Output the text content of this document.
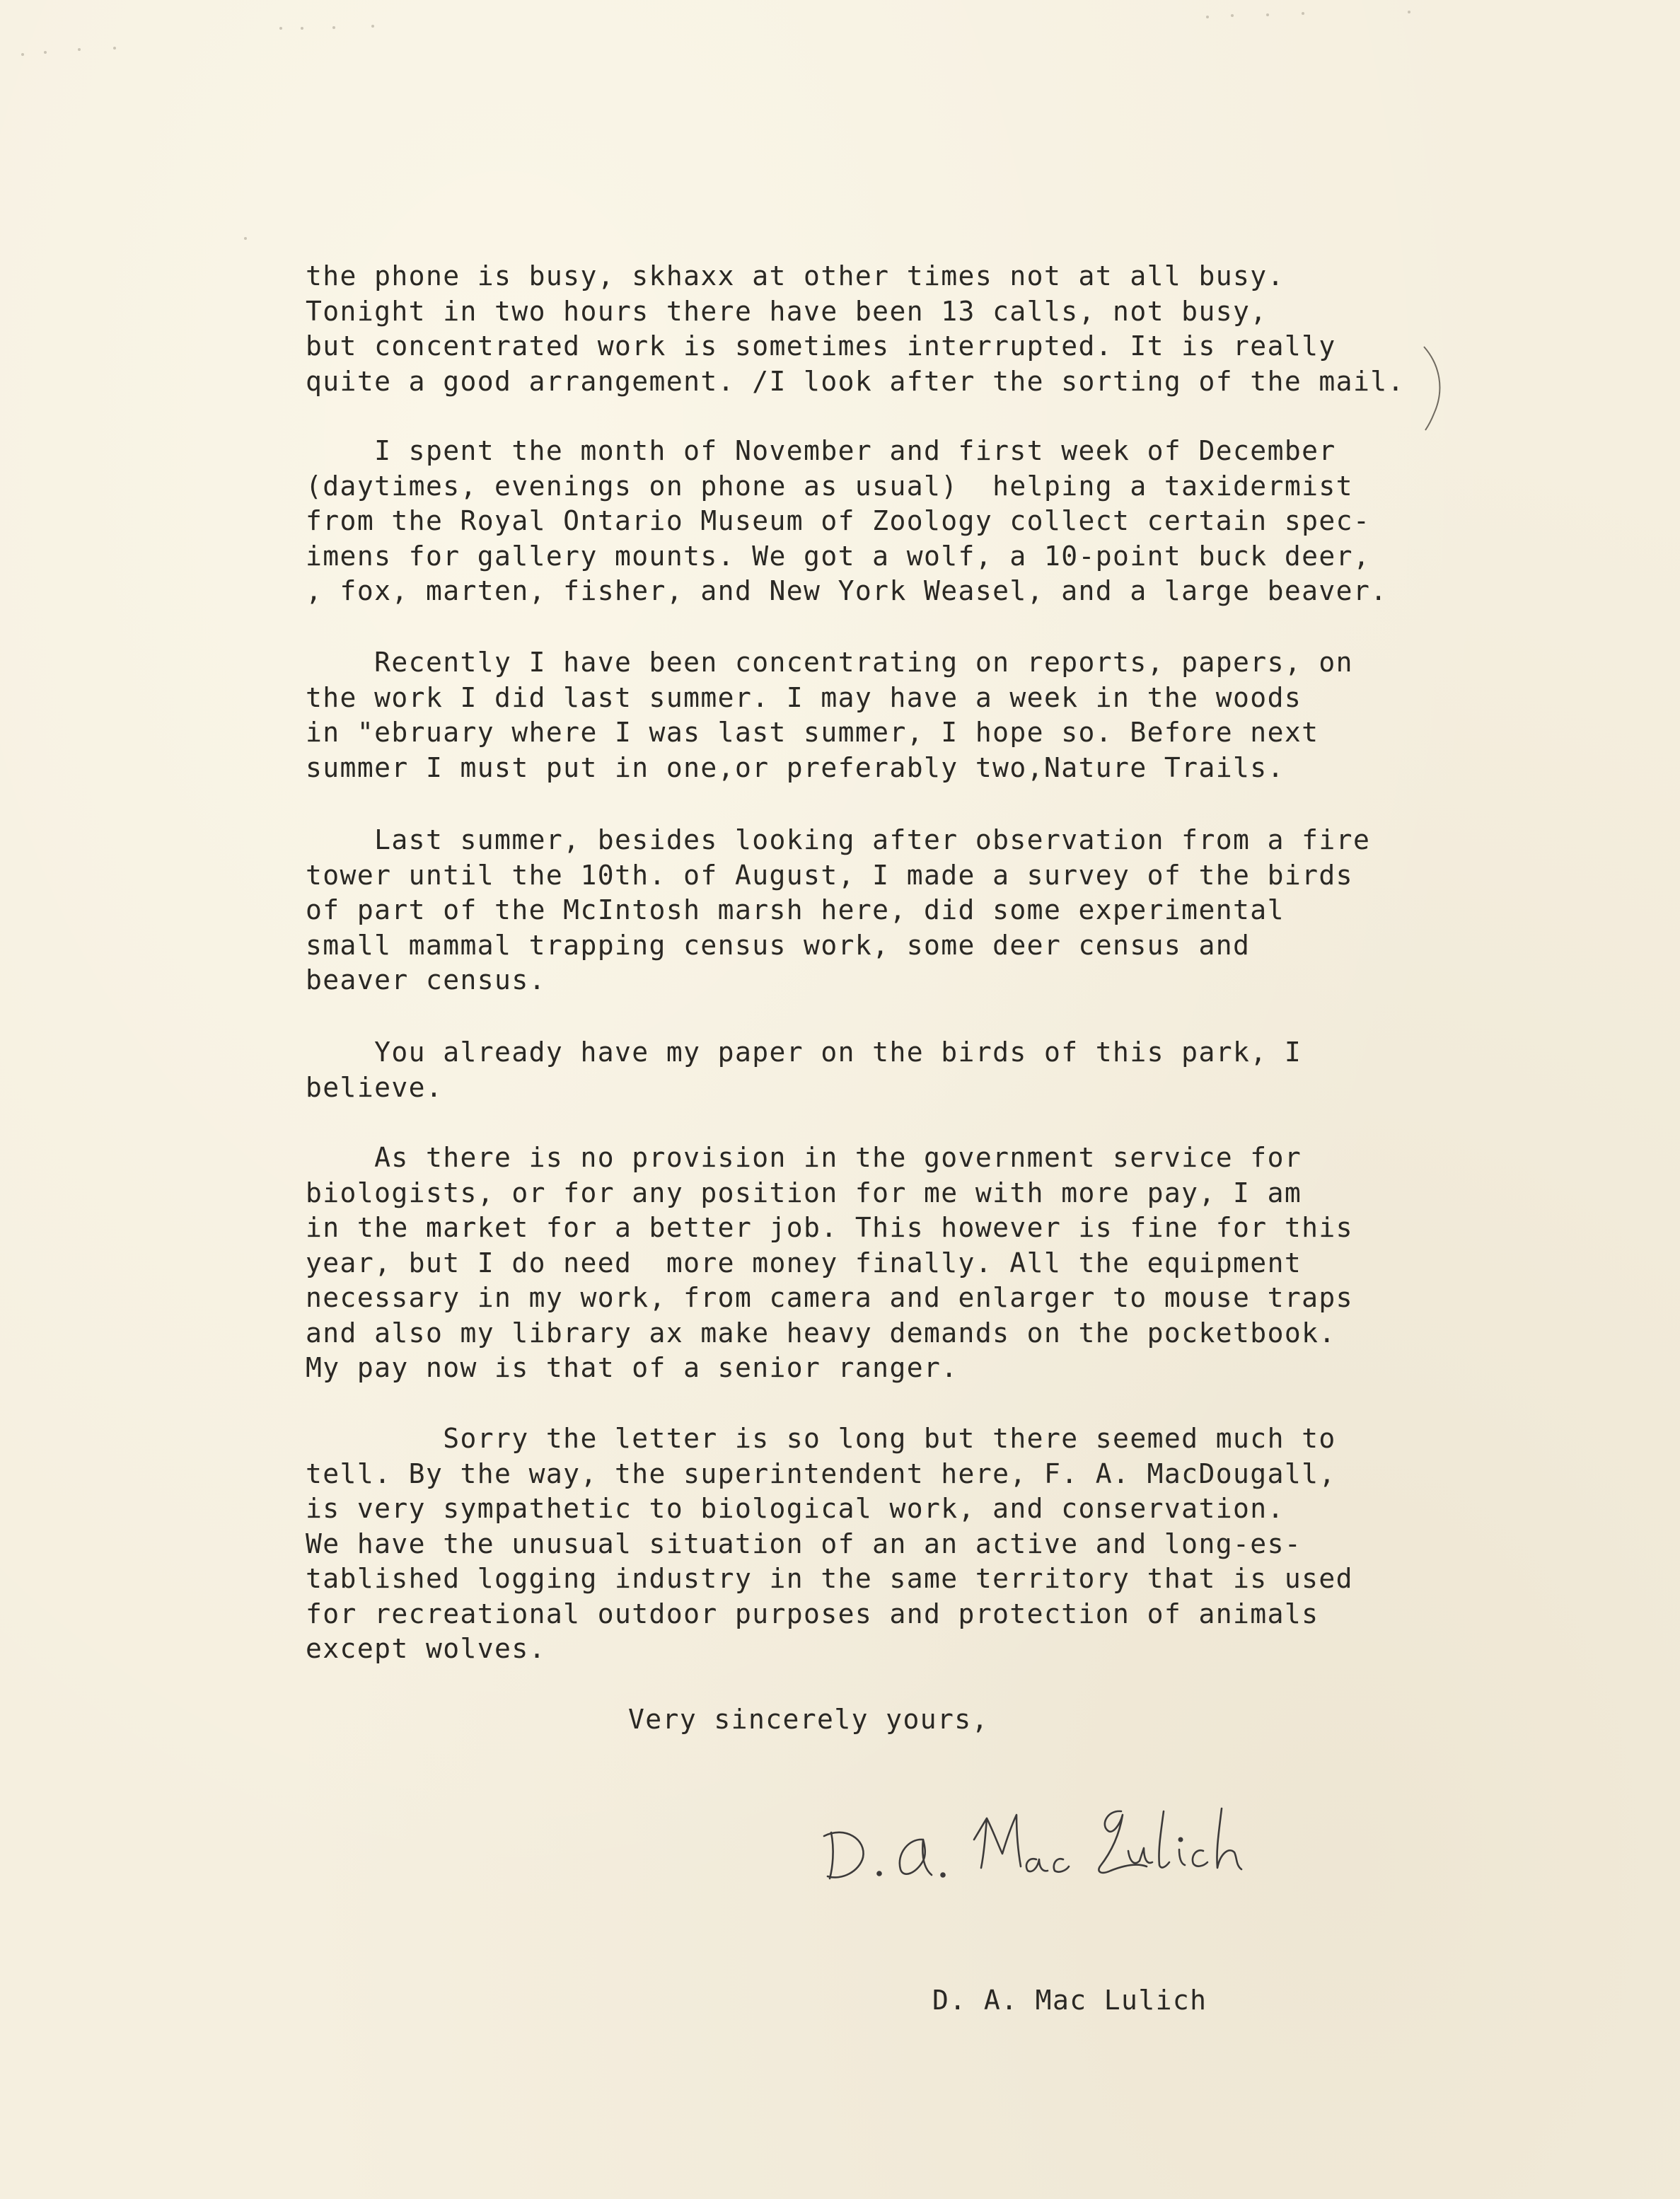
the phone is busy, skhaxx at other times not at all busy.
Tonight in two hours there have been 13 calls, not busy,
but concentrated work is sometimes interrupted. It is really
quite a good arrangement. /I look after the sorting of the mail.
I spent the month of November and first week of December
(daytimes, evenings on phone as usual)  helping a taxidermist
from the Royal Ontario Museum of Zoology collect certain spec-
imens for gallery mounts. We got a wolf, a 10-point buck deer,
, fox, marten, fisher, and New York Weasel, and a large beaver.
Recently I have been concentrating on reports, papers, on
the work I did last summer. I may have a week in the woods
in "ebruary where I was last summer, I hope so. Before next
summer I must put in one,or preferably two,Nature Trails.
Last summer, besides looking after observation from a fire
tower until the 10th. of August, I made a survey of the birds
of part of the McIntosh marsh here, did some experimental
small mammal trapping census work, some deer census and
beaver census.
You already have my paper on the birds of this park, I
believe.
As there is no provision in the government service for
biologists, or for any position for me with more pay, I am
in the market for a better job. This however is fine for this
year, but I do need  more money finally. All the equipment
necessary in my work, from camera and enlarger to mouse traps
and also my library ax make heavy demands on the pocketbook.
My pay now is that of a senior ranger.
Sorry the letter is so long but there seemed much to
tell. By the way, the superintendent here, F. A. MacDougall,
is very sympathetic to biological work, and conservation.
We have the unusual situation of an an active and long-es-
tablished logging industry in the same territory that is used
for recreational outdoor purposes and protection of animals
except wolves.
Very sincerely yours,
D. A. Mac Lulich
